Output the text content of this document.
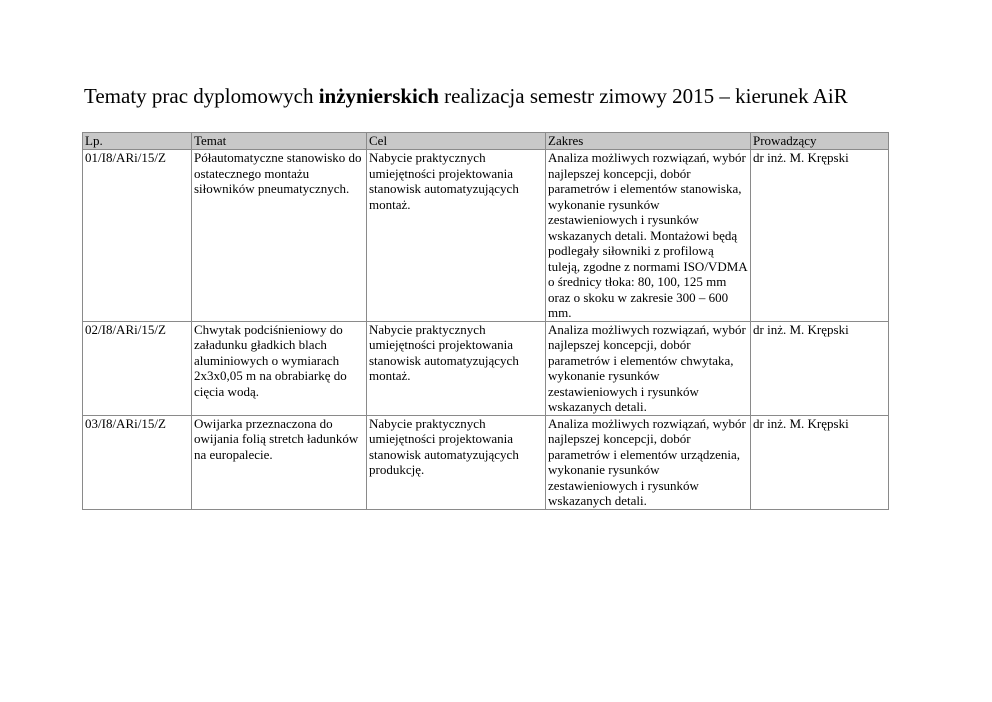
Tematy prac dyplomowych inżynierskich realizacja semestr zimowy 2015 – kierunek AiR
Lp.	Temat	Cel	Zakres	Prowadzący
01/I8/ARi/15/Z	Półautomatyczne stanowisko do ostatecznego montażu siłowników pneumatycznych.	Nabycie praktycznych umiejętności projektowania stanowisk automatyzujących montaż.	Analiza możliwych rozwiązań, wybór najlepszej koncepcji, dobór parametrów i elementów stanowiska, wykonanie rysunków zestawieniowych i rysunków wskazanych detali. Montażowi będą podlegały siłowniki z profilową tuleją, zgodne z normami ISO/VDMA o średnicy tłoka: 80, 100, 125 mm oraz o skoku w zakresie 300 – 600 mm.	dr inż. M. Krępski
02/I8/ARi/15/Z	Chwytak podciśnieniowy do załadunku gładkich blach aluminiowych o wymiarach 2x3x0,05 m na obrabiarkę do cięcia wodą.	Nabycie praktycznych umiejętności projektowania stanowisk automatyzujących montaż.	Analiza możliwych rozwiązań, wybór najlepszej koncepcji, dobór parametrów i elementów chwytaka, wykonanie rysunków zestawieniowych i rysunków wskazanych detali.	dr inż. M. Krępski
03/I8/ARi/15/Z	Owijarka przeznaczona do owijania folią stretch ładunków na europalecie.	Nabycie praktycznych umiejętności projektowania stanowisk automatyzujących produkcję.	Analiza możliwych rozwiązań, wybór najlepszej koncepcji, dobór parametrów i elementów urządzenia, wykonanie rysunków zestawieniowych i rysunków wskazanych detali.	dr inż. M. Krępski
